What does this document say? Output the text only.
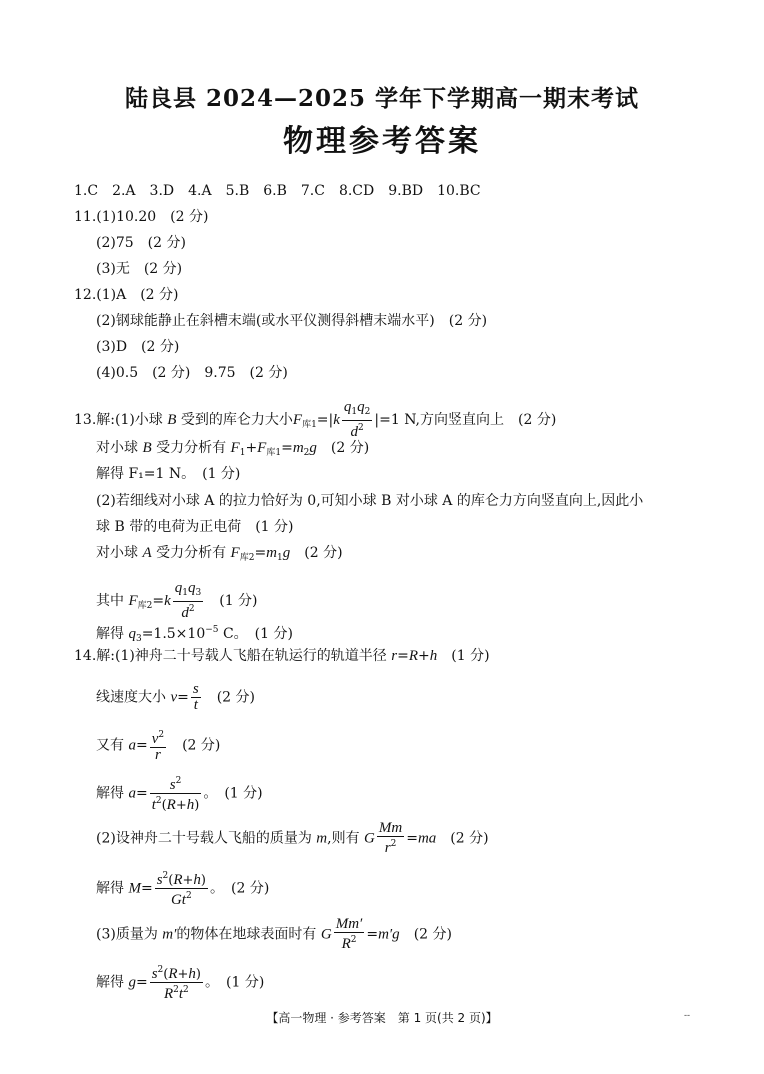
陆良县 2024—2025 学年下学期高一期末考试
物理参考答案
1.C　2.A　3.D　4.A　5.B　6.B　7.C　8.CD　9.BD　10.BC
11.(1)10.20　(2 分)
(2)75　(2 分)
(3)无　(2 分)
12.(1)A　(2 分)
(2)钢球能静止在斜槽末端(或水平仪测得斜槽末端水平)　(2 分)
(3)D　(2 分)
(4)0.5　(2 分)　9.75　(2 分)
13.解:(1)小球 B 受到的库仑力大小$F_{库1}=|k \frac{q_1q_2}{d^2} |=1$ N,方向竖直向上　(2 分)
对小球 B 受力分析有 $F_1+F_{库1}=m_2g$　 (2 分)
解得 F₁=1 N。　(1 分)
(2)若细线对小球 A 的拉力恰好为 0,可知小球 B 对小球 A 的库仑力方向竖直向上,因此小
球 B 带的电荷为正电荷　(1 分)
对小球 A 受力分析有 $F_{库2}=m_1g$　 (2 分)
其中 $F_{库2}=k \frac{q_1q_3}{d^2}$
　 (1 分)
解得 $q_3=1.5\times 10^{-5}$ C。　(1 分)
14.解:(1)神舟二十号载人飞船在轨运行的轨道半径 r=R+h　 (1 分)
线速度大小 $v= \frac{s}{t}$
　 (2 分)
又有 $a= \frac{v^2}{r}$
　 (2 分)
解得 $a= \frac{s^2}{t^2(R+h)}$ 。　(1 分)
(2)设神舟二十号载人飞船的质量为 m,则有 G $\frac{Mm}{r^2} =ma$　 (2 分)
解得 $M= \frac{s^2(R+h)}{Gt^2}$ 。　(2 分)
(3)质量为 m′的物体在地球表面时有 G $\frac{Mm'}{R^2} =m'g$　 (2 分)
解得 $g= \frac{s^2(R+h)}{R^2t^2}$ 。　(1 分)
【高一物理 · 参考答案　第 1 页(共 2 页)】	--
